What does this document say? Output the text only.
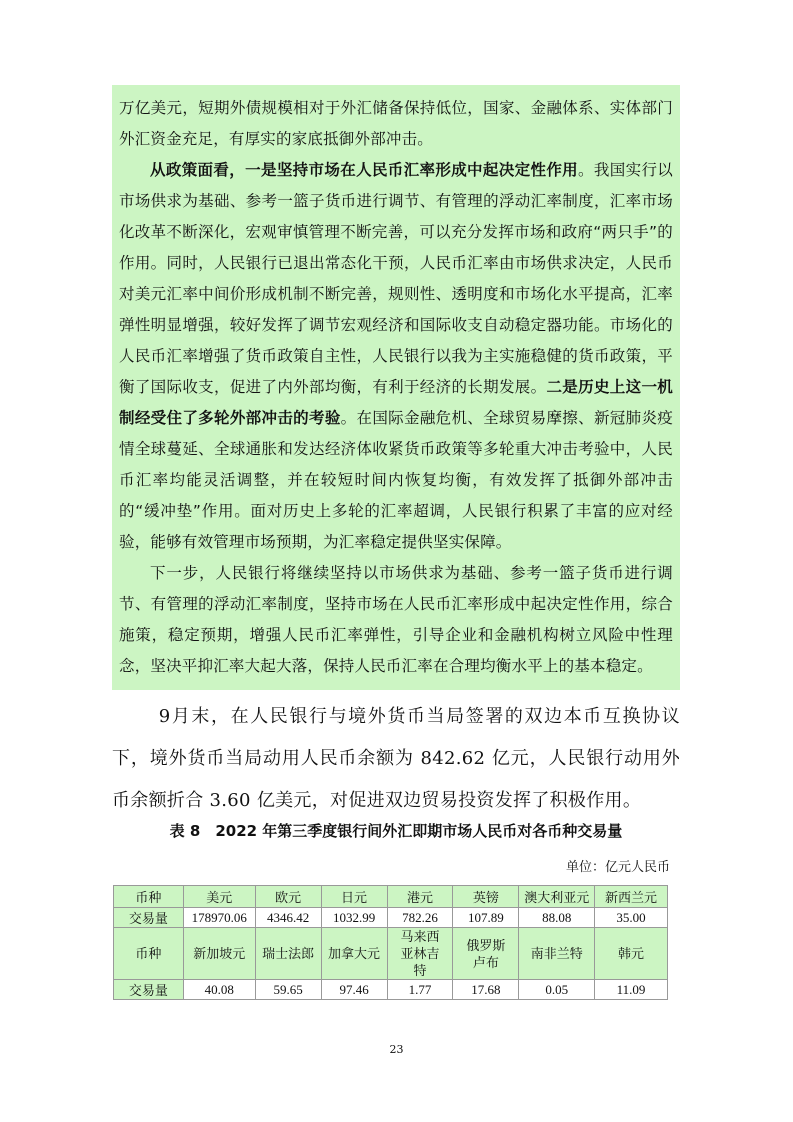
万亿美元，短期外债规模相对于外汇储备保持低位，国家、金融体系、实体部门外汇资金充足，有厚实的家底抵御外部冲击。

从政策面看，一是坚持市场在人民币汇率形成中起决定性作用。我国实行以市场供求为基础、参考一篮子货币进行调节、有管理的浮动汇率制度，汇率市场化改革不断深化，宏观审慎管理不断完善，可以充分发挥市场和政府“两只手”的作用。同时，人民银行已退出常态化干预，人民币汇率由市场供求决定，人民币对美元汇率中间价形成机制不断完善，规则性、透明度和市场化水平提高，汇率弹性明显增强，较好发挥了调节宏观经济和国际收支自动稳定器功能。市场化的人民币汇率增强了货币政策自主性，人民银行以我为主实施稳健的货币政策，平衡了国际收支，促进了内外部均衡，有利于经济的长期发展。二是历史上这一机制经受住了多轮外部冲击的考验。在国际金融危机、全球贸易摩擦、新冠肺炎疫情全球蔓延、全球通胀和发达经济体收紧货币政策等多轮重大冲击考验中，人民币汇率均能灵活调整，并在较短时间内恢复均衡，有效发挥了抵御外部冲击的“缓冲垫”作用。面对历史上多轮的汇率超调，人民银行积累了丰富的应对经验，能够有效管理市场预期，为汇率稳定提供坚实保障。

下一步，人民银行将继续坚持以市场供求为基础、参考一篮子货币进行调节、有管理的浮动汇率制度，坚持市场在人民币汇率形成中起决定性作用，综合施策，稳定预期，增强人民币汇率弹性，引导企业和金融机构树立风险中性理念，坚决平抑汇率大起大落，保持人民币汇率在合理均衡水平上的基本稳定。

9月末，在人民银行与境外货币当局签署的双边本币互换协议下，境外货币当局动用人民币余额为 842.62 亿元，人民银行动用外币余额折合 3.60 亿美元，对促进双边贸易投资发挥了积极作用。

表 8　2022 年第三季度银行间外汇即期市场人民币对各币种交易量
单位：亿元人民币
币种	美元	欧元	日元	港元	英镑	澳大利亚元	新西兰元
交易量	178970.06	4346.42	1032.99	782.26	107.89	88.08	35.00
币种	新加坡元	瑞士法郎	加拿大元	马来西亚林吉特	俄罗斯卢布	南非兰特	韩元
交易量	40.08	59.65	97.46	1.77	17.68	0.05	11.09
23
